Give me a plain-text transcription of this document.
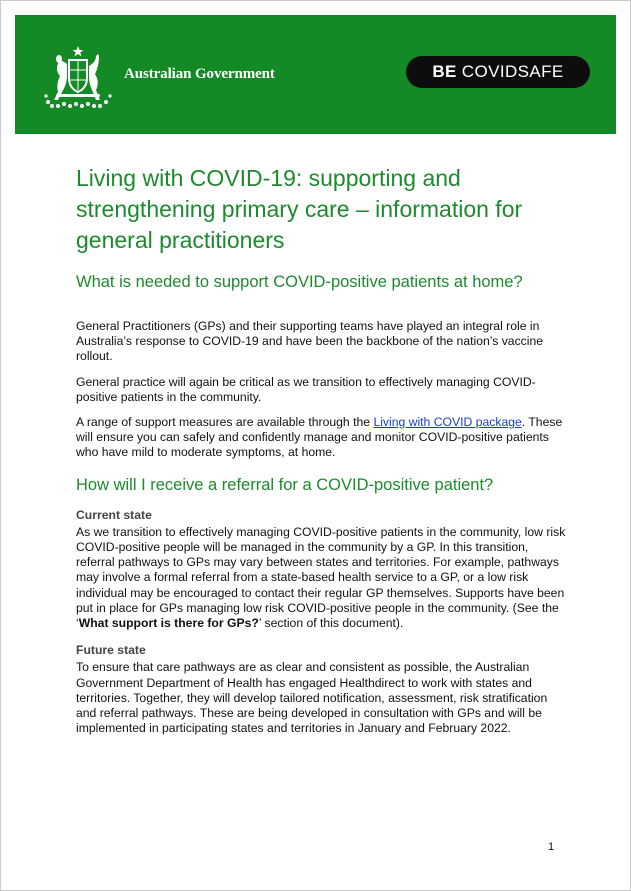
Australian Government	BE COVIDSAFE
Living with COVID-19: supporting and strengthening primary care – information for general practitioners
What is needed to support COVID-positive patients at home?

General Practitioners (GPs) and their supporting teams have played an integral role in Australia’s response to COVID-19 and have been the backbone of the nation’s vaccine rollout.

General practice will again be critical as we transition to effectively managing COVID-positive patients in the community.

A range of support measures are available through the Living with COVID package. These will ensure you can safely and confidently manage and monitor COVID-positive patients who have mild to moderate symptoms, at home.

How will I receive a referral for a COVID-positive patient?
Current state

As we transition to effectively managing COVID-positive patients in the community, low risk COVID-positive people will be managed in the community by a GP. In this transition, referral pathways to GPs may vary between states and territories. For example, pathways may involve a formal referral from a state-based health service to a GP, or a low risk individual may be encouraged to contact their regular GP themselves. Supports have been put in place for GPs managing low risk COVID-positive people in the community. (See the ‘What support is there for GPs?’ section of this document).

Future state

To ensure that care pathways are as clear and consistent as possible, the Australian Government Department of Health has engaged Healthdirect to work with states and territories. Together, they will develop tailored notification, assessment, risk stratification and referral pathways. These are being developed in consultation with GPs and will be implemented in participating states and territories in January and February 2022.

1
